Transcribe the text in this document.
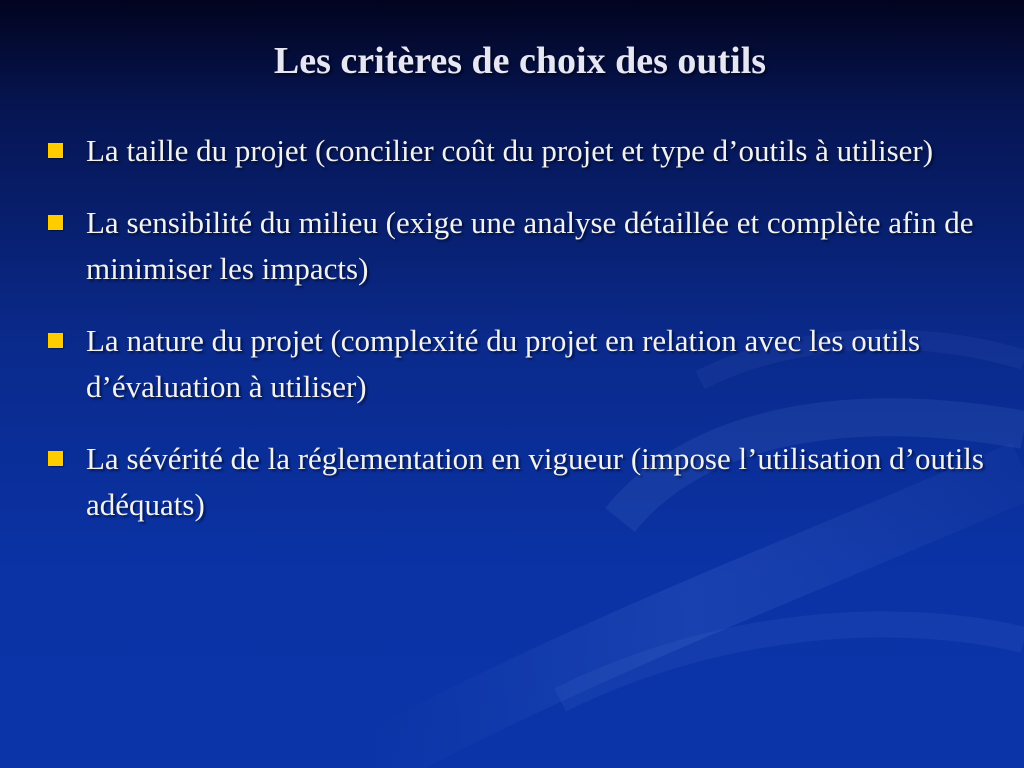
Les critères de choix des outils
La taille du projet (concilier coût du projet et type d’outils à utiliser)
La sensibilité du milieu (exige une analyse détaillée et complète afin de minimiser les impacts)
La nature du projet (complexité du projet en relation avec les outils d’évaluation à utiliser)
La sévérité de la réglementation en vigueur (impose l’utilisation d’outils adéquats)
